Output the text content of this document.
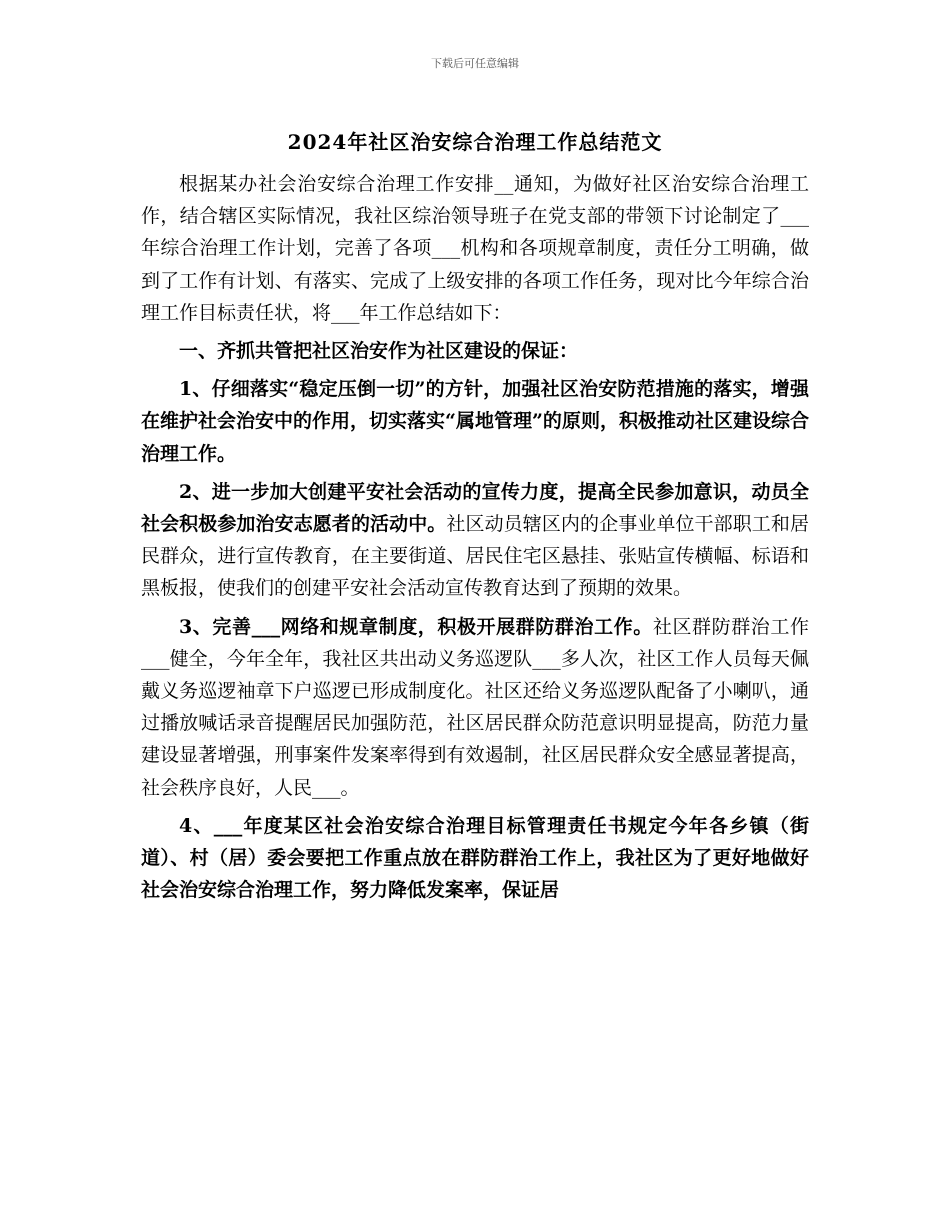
下载后可任意编辑
2024年社区治安综合治理工作总结范文

根据某办社会治安综合治理工作安排__通知，为做好社区治安综合治理工作，结合辖区实际情况，我社区综治领导班子在党支部的带领下讨论制定了___年综合治理工作计划，完善了各项___机构和各项规章制度，责任分工明确，做到了工作有计划、有落实、完成了上级安排的各项工作任务，现对比今年综合治理工作目标责任状，将___年工作总结如下：

一、齐抓共管把社区治安作为社区建设的保证：

1、仔细落实“稳定压倒一切”的方针，加强社区治安防范措施的落实，增强在维护社会治安中的作用，切实落实“属地管理”的原则，积极推动社区建设综合治理工作。

2、进一步加大创建平安社会活动的宣传力度，提高全民参加意识，动员全社会积极参加治安志愿者的活动中。社区动员辖区内的企事业单位干部职工和居民群众，进行宣传教育，在主要街道、居民住宅区悬挂、张贴宣传横幅、标语和黑板报，使我们的创建平安社会活动宣传教育达到了预期的效果。

3、完善___网络和规章制度，积极开展群防群治工作。社区群防群治工作___健全，今年全年，我社区共出动义务巡逻队___多人次，社区工作人员每天佩戴义务巡逻袖章下户巡逻已形成制度化。社区还给义务巡逻队配备了小喇叭，通过播放喊话录音提醒居民加强防范，社区居民群众防范意识明显提高，防范力量建设显著增强，刑事案件发案率得到有效遏制，社区居民群众安全感显著提高，社会秩序良好，人民___。

4、___年度某区社会治安综合治理目标管理责任书规定今年各乡镇（街道）、村（居）委会要把工作重点放在群防群治工作上，我社区为了更好地做好社会治安综合治理工作，努力降低发案率，保证居
